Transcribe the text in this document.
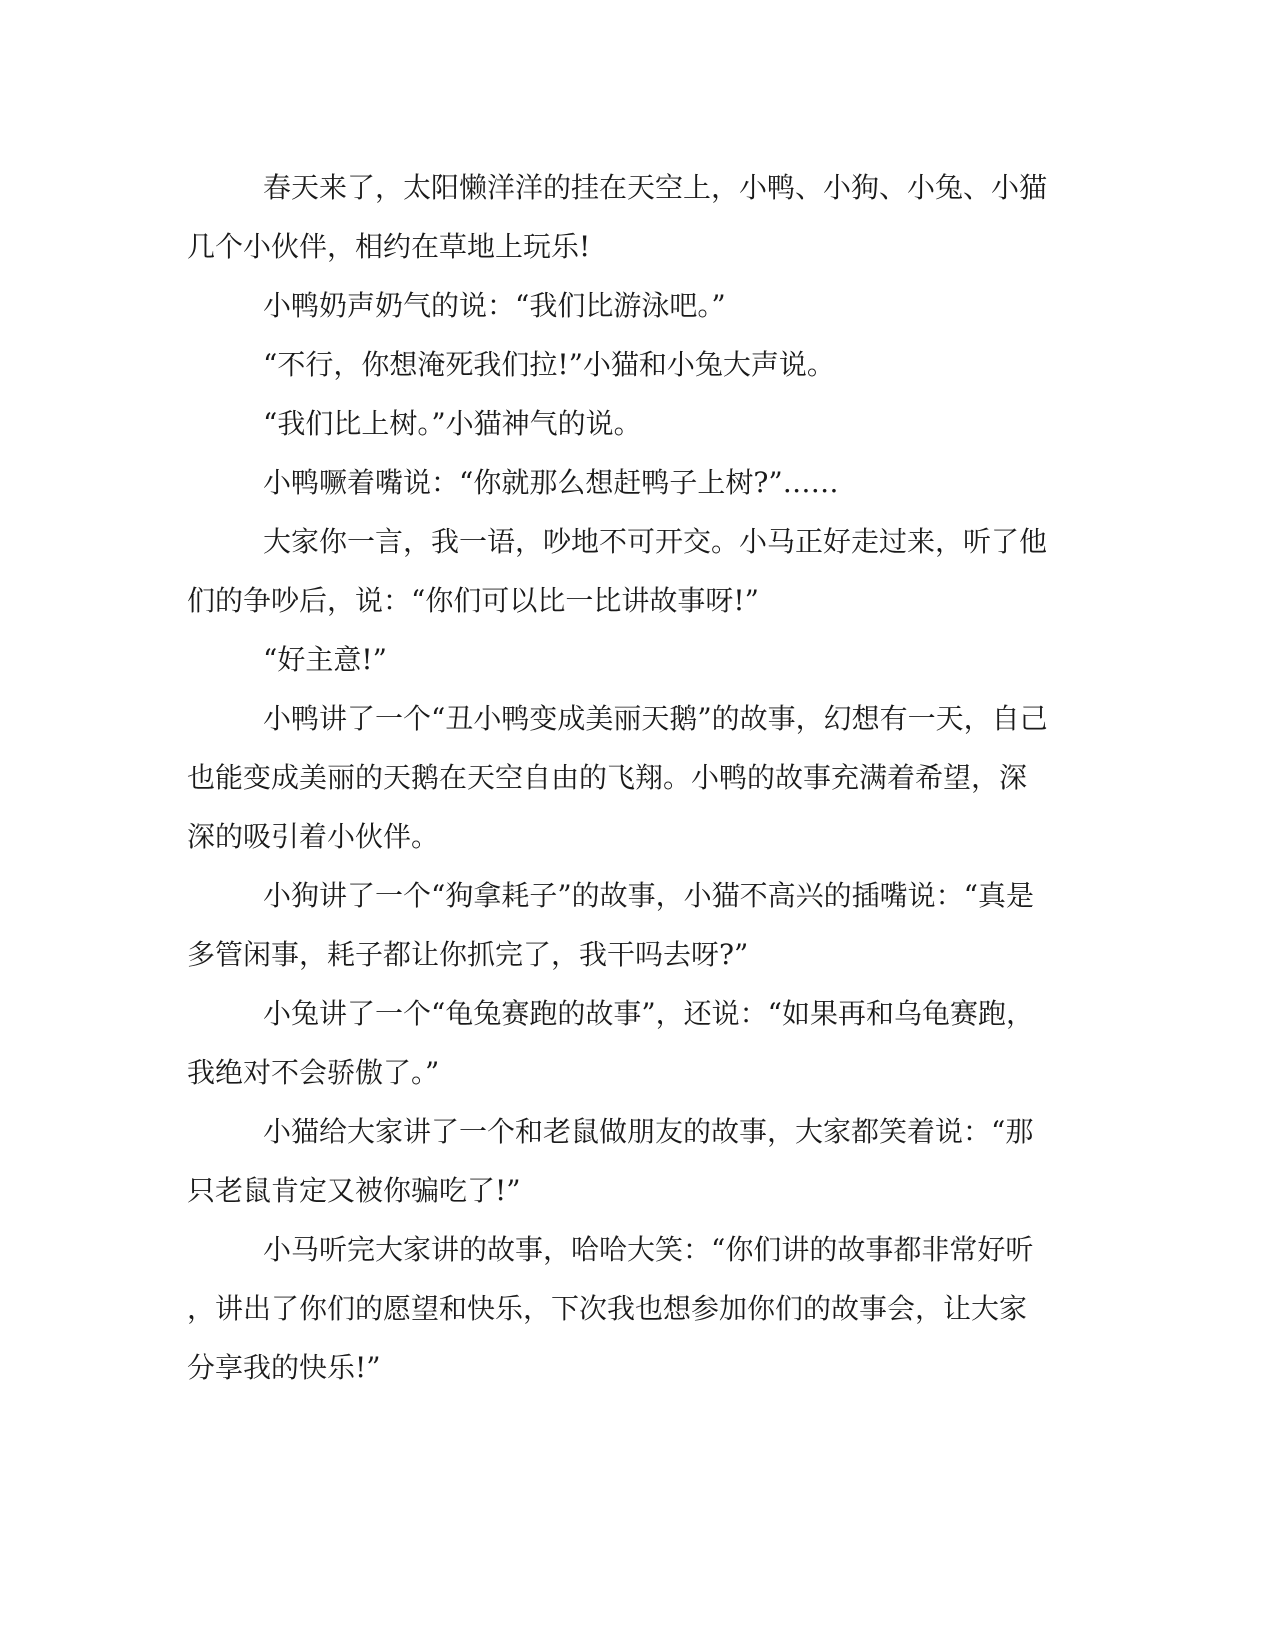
春天来了，太阳懒洋洋的挂在天空上，小鸭、小狗、小兔、小猫
几个小伙伴，相约在草地上玩乐!

小鸭奶声奶气的说：“我们比游泳吧。”

“不行，你想淹死我们拉!”小猫和小兔大声说。

“我们比上树。”小猫神气的说。

小鸭噘着嘴说：“你就那么想赶鸭子上树?”……

大家你一言，我一语，吵地不可开交。小马正好走过来，听了他
们的争吵后，说：“你们可以比一比讲故事呀!”

“好主意!”

小鸭讲了一个“丑小鸭变成美丽天鹅”的故事，幻想有一天，自己
也能变成美丽的天鹅在天空自由的飞翔。小鸭的故事充满着希望，深
深的吸引着小伙伴。

小狗讲了一个“狗拿耗子”的故事，小猫不高兴的插嘴说：“真是
多管闲事，耗子都让你抓完了，我干吗去呀?”

小兔讲了一个“龟兔赛跑的故事”，还说：“如果再和乌龟赛跑，
我绝对不会骄傲了。”

小猫给大家讲了一个和老鼠做朋友的故事，大家都笑着说：“那
只老鼠肯定又被你骗吃了!”

小马听完大家讲的故事，哈哈大笑：“你们讲的故事都非常好听
，讲出了你们的愿望和快乐，下次我也想参加你们的故事会，让大家
分享我的快乐!”
